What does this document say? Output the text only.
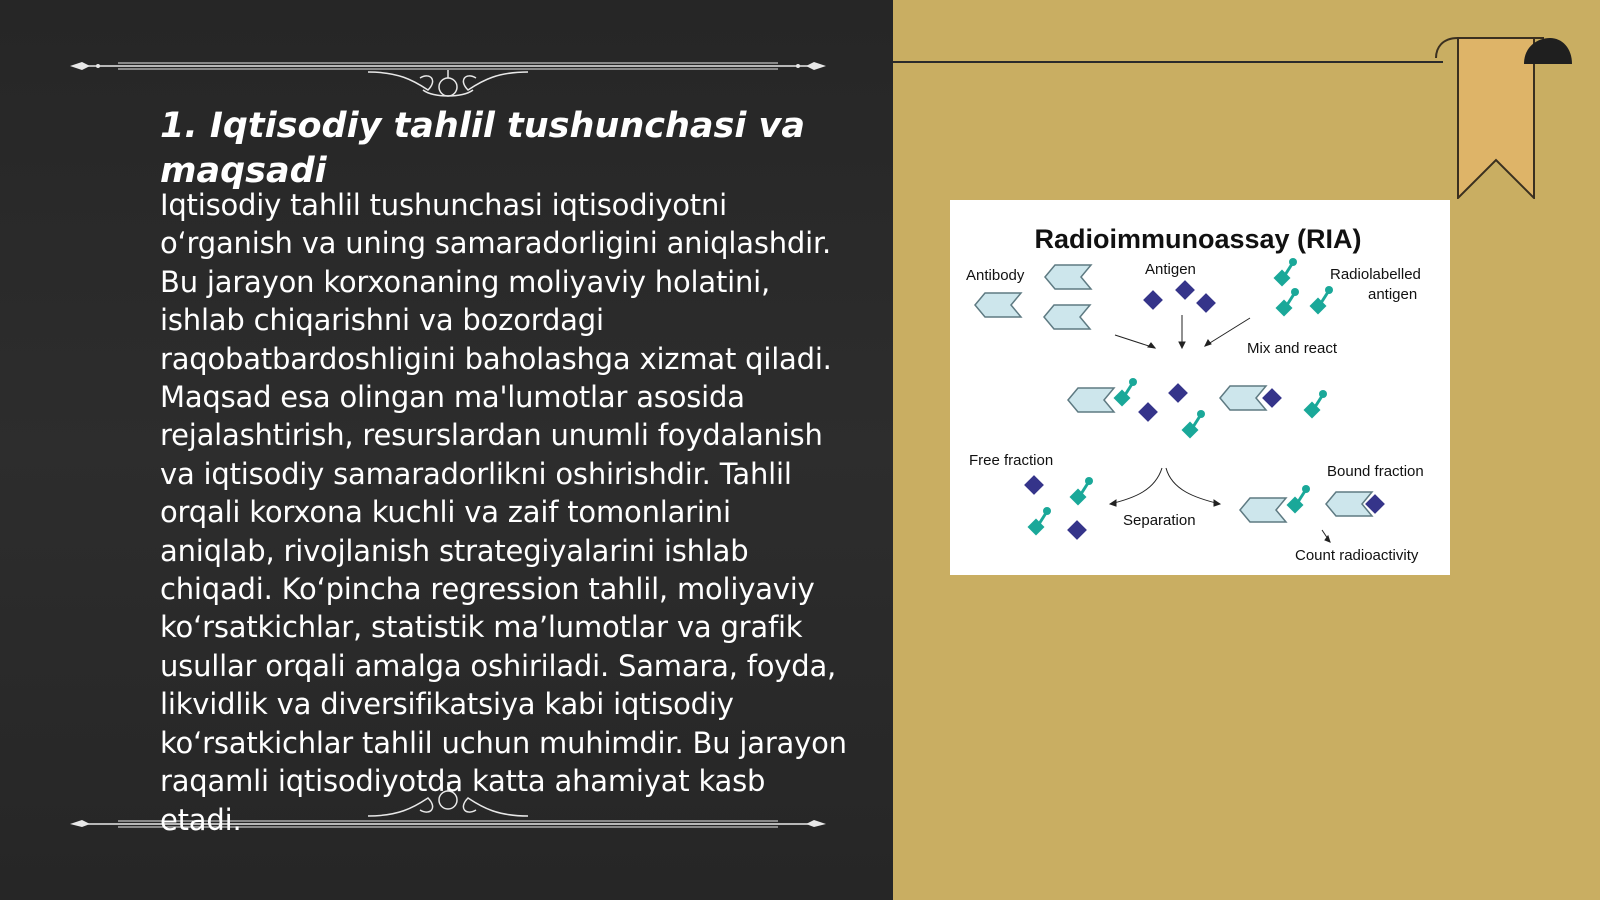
1. Iqtisodiy tahlil tushunchasi va maqsadi

Iqtisodiy tahlil tushunchasi iqtisodiyotni o‘rganish va uning samaradorligini aniqlashdir. Bu jarayon korxonaning moliyaviy holatini, ishlab chiqarishni va bozordagi raqobatbardoshligini baholashga xizmat qiladi. Maqsad esa olingan ma'lumotlar asosida rejalashtirish, resurslardan unumli foydalanish va iqtisodiy samaradorlikni oshirishdir. Tahlil orqali korxona kuchli va zaif tomonlarini aniqlab, rivojlanish strategiyalarini ishlab chiqadi. Ko‘pincha regression tahlil, moliyaviy ko‘rsatkichlar, statistik ma’lumotlar va grafik usullar orqali amalga oshiriladi. Samara, foyda, likvidlik va diversifikatsiya kabi iqtisodiy ko‘rsatkichlar tahlil uchun muhimdir. Bu jarayon raqamli iqtisodiyotda katta ahamiyat kasb etadi.

Radioimmunoassay (RIA)
Antibody	Antigen	Radiolabelled
antigen
Mix and react
Free fraction
Bound fraction
Separation
Count radioactivity
